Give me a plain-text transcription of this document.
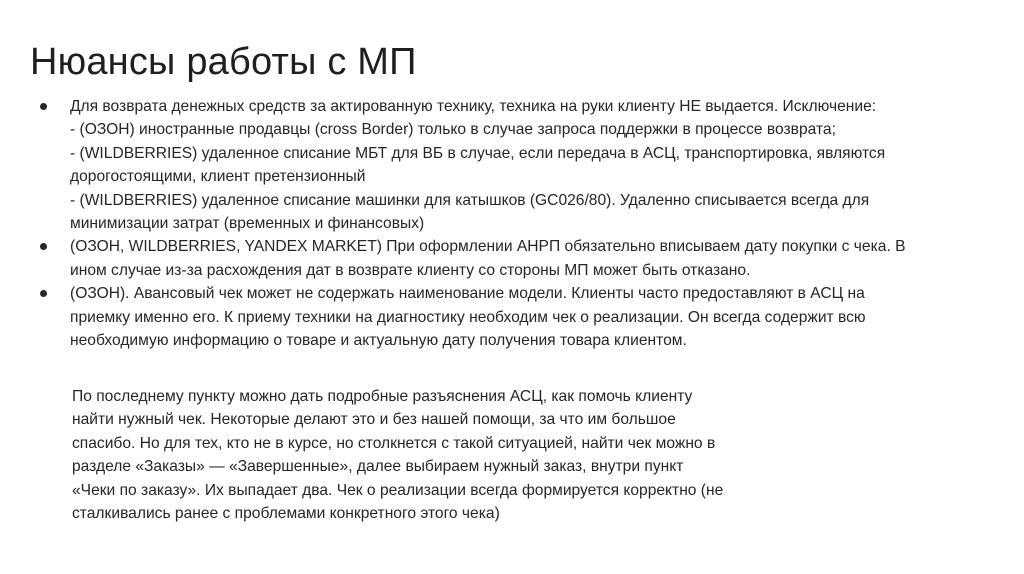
Нюансы работы с МП
Для возврата денежных средств за актированную технику, техника на руки клиенту НЕ выдается. Исключение:
- (ОЗОН) иностранные продавцы (cross Border) только в случае запроса поддержки в процессе возврата;
- (WILDBERRIES) удаленное списание МБТ для ВБ в случае, если передача в АСЦ, транспортировка, являются
дорогостоящими, клиент претензионный
- (WILDBERRIES) удаленное списание машинки для катышков (GC026/80). Удаленно списывается всегда для
минимизации затрат (временных и финансовых)
(ОЗОН, WILDBERRIES, YANDEX MARKET) При оформлении АНРП обязательно вписываем дату покупки с чека. В
ином случае из-за расхождения дат в возврате клиенту со стороны МП может быть отказано.
(ОЗОН). Авансовый чек может не содержать наименование модели. Клиенты часто предоставляют в АСЦ на
приемку именно его. К приему техники на диагностику необходим чек о реализации. Он всегда содержит всю
необходимую информацию о товаре и актуальную дату получения товара клиентом.
По последнему пункту можно дать подробные разъяснения АСЦ, как помочь клиенту
найти нужный чек. Некоторые делают это и без нашей помощи, за что им большое
спасибо. Но для тех, кто не в курсе, но столкнется с такой ситуацией, найти чек можно в
разделе «Заказы» — «Завершенные», далее выбираем нужный заказ, внутри пункт
«Чеки по заказу». Их выпадает два. Чек о реализации всегда формируется корректно (не
сталкивались ранее с проблемами конкретного этого чека)
